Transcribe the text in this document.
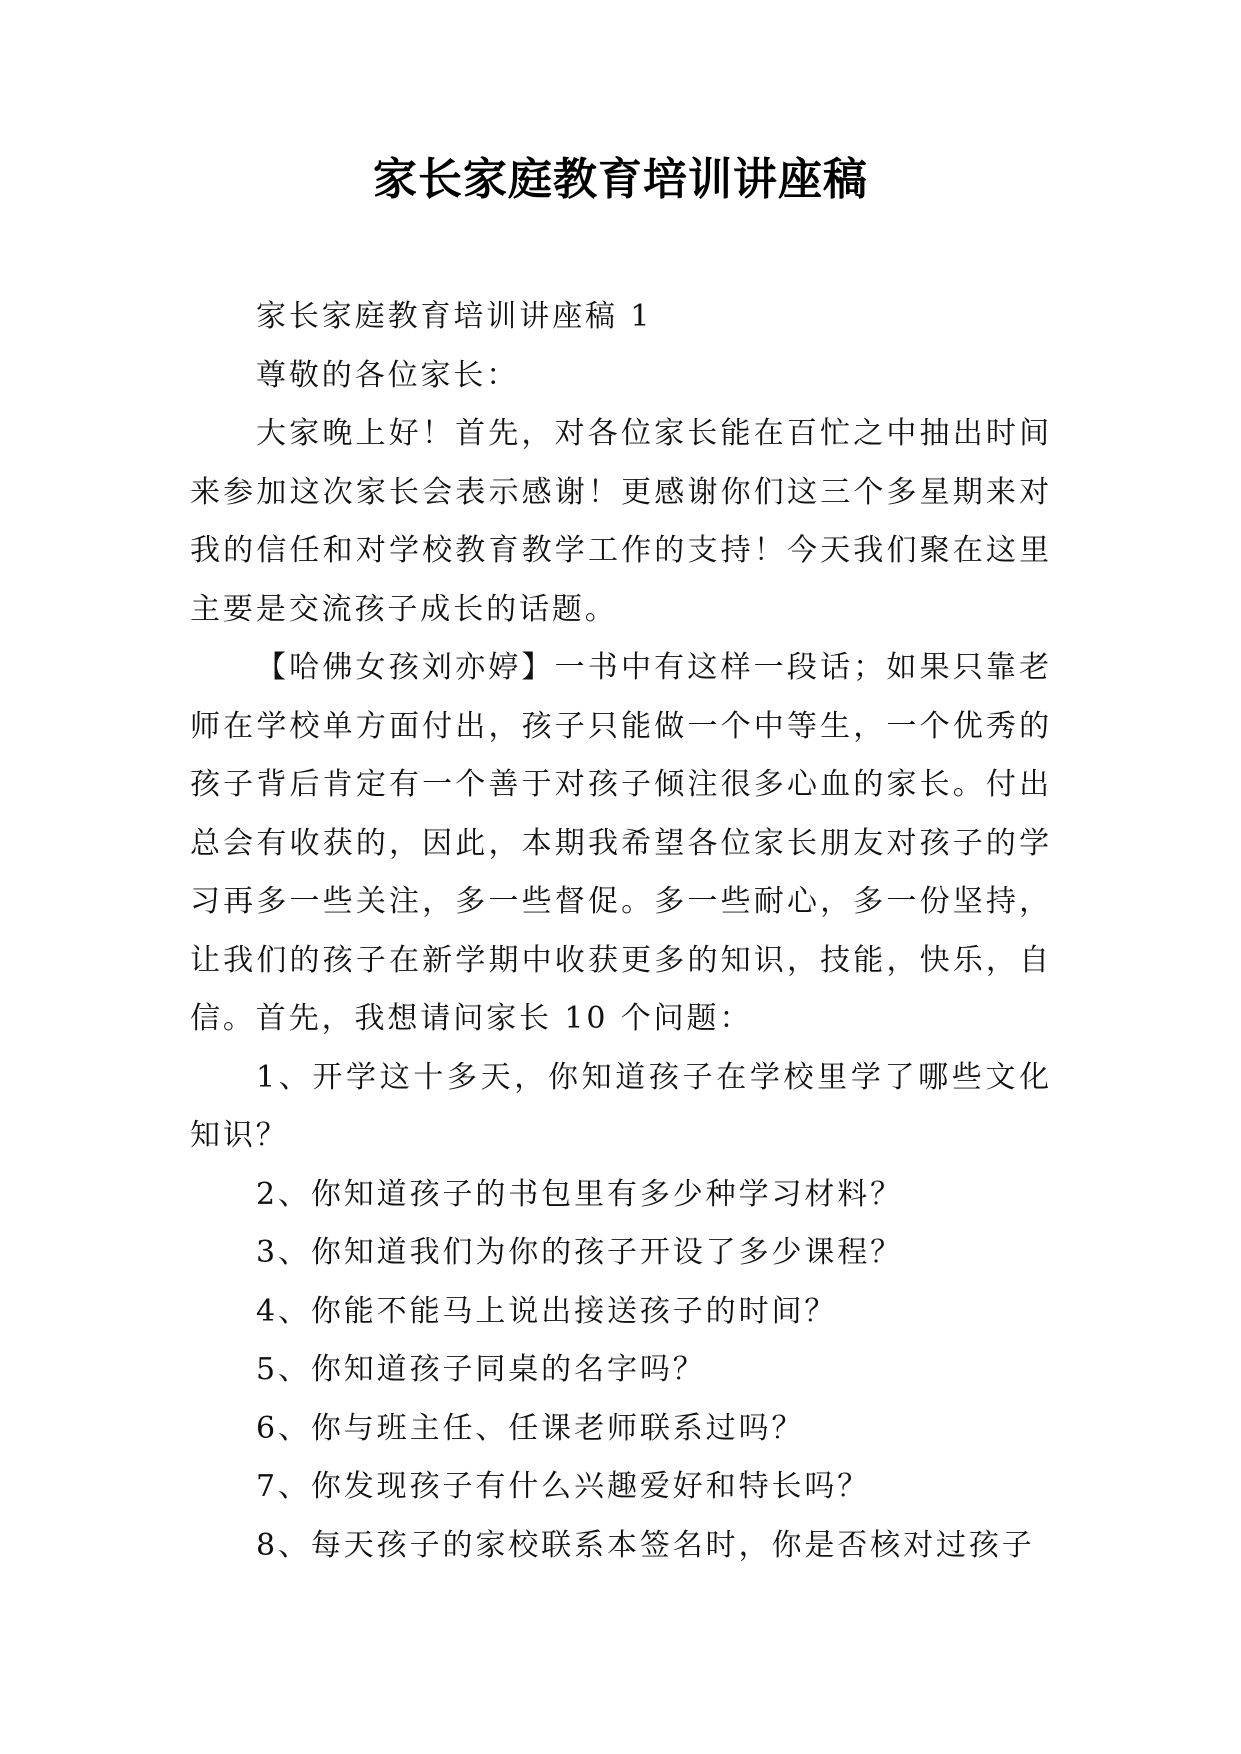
家长家庭教育培训讲座稿

家长家庭教育培训讲座稿 1

尊敬的各位家长：

大家晚上好！首先，对各位家长能在百忙之中抽出时间来参加这次家长会表示感谢！更感谢你们这三个多星期来对我的信任和对学校教育教学工作的支持！今天我们聚在这里主要是交流孩子成长的话题。

【哈佛女孩刘亦婷】一书中有这样一段话；如果只靠老师在学校单方面付出，孩子只能做一个中等生，一个优秀的孩子背后肯定有一个善于对孩子倾注很多心血的家长。付出总会有收获的，因此，本期我希望各位家长朋友对孩子的学习再多一些关注，多一些督促。多一些耐心，多一份坚持，让我们的孩子在新学期中收获更多的知识，技能，快乐，自信。首先，我想请问家长 10 个问题：

1、开学这十多天，你知道孩子在学校里学了哪些文化知识？

2、你知道孩子的书包里有多少种学习材料？

3、你知道我们为你的孩子开设了多少课程？

4、你能不能马上说出接送孩子的时间？

5、你知道孩子同桌的名字吗？

6、你与班主任、任课老师联系过吗？

7、你发现孩子有什么兴趣爱好和特长吗？

8、每天孩子的家校联系本签名时，你是否核对过孩子
